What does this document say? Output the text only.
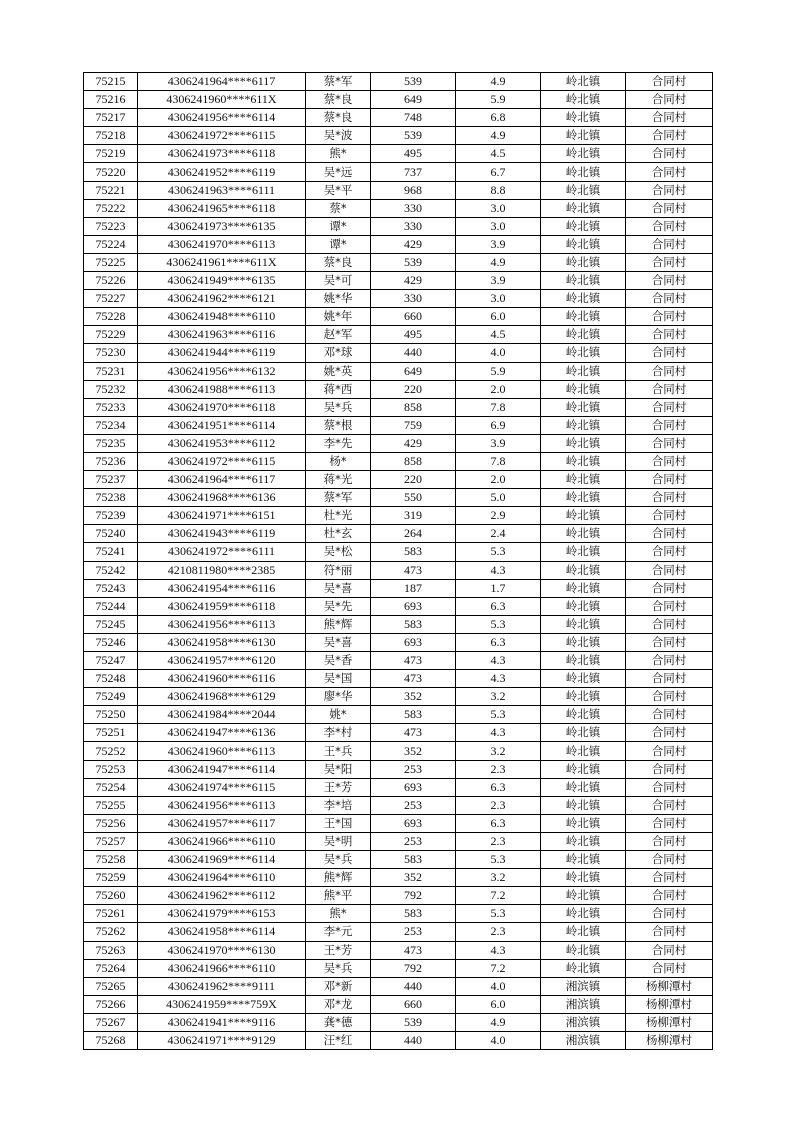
75215	4306241964****6117	蔡*军	539	4.9	岭北镇	合同村
75216	4306241960****611X	蔡*良	649	5.9	岭北镇	合同村
75217	4306241956****6114	蔡*良	748	6.8	岭北镇	合同村
75218	4306241972****6115	吴*波	539	4.9	岭北镇	合同村
75219	4306241973****6118	熊*	495	4.5	岭北镇	合同村
75220	4306241952****6119	吴*远	737	6.7	岭北镇	合同村
75221	4306241963****6111	吴*平	968	8.8	岭北镇	合同村
75222	4306241965****6118	蔡*	330	3.0	岭北镇	合同村
75223	4306241973****6135	谭*	330	3.0	岭北镇	合同村
75224	4306241970****6113	谭*	429	3.9	岭北镇	合同村
75225	4306241961****611X	蔡*良	539	4.9	岭北镇	合同村
75226	4306241949****6135	吴*可	429	3.9	岭北镇	合同村
75227	4306241962****6121	姚*华	330	3.0	岭北镇	合同村
75228	4306241948****6110	姚*年	660	6.0	岭北镇	合同村
75229	4306241963****6116	赵*军	495	4.5	岭北镇	合同村
75230	4306241944****6119	邓*球	440	4.0	岭北镇	合同村
75231	4306241956****6132	姚*英	649	5.9	岭北镇	合同村
75232	4306241988****6113	蒋*西	220	2.0	岭北镇	合同村
75233	4306241970****6118	吴*兵	858	7.8	岭北镇	合同村
75234	4306241951****6114	蔡*根	759	6.9	岭北镇	合同村
75235	4306241953****6112	李*先	429	3.9	岭北镇	合同村
75236	4306241972****6115	杨*	858	7.8	岭北镇	合同村
75237	4306241964****6117	蒋*光	220	2.0	岭北镇	合同村
75238	4306241968****6136	蔡*军	550	5.0	岭北镇	合同村
75239	4306241971****6151	杜*光	319	2.9	岭北镇	合同村
75240	4306241943****6119	杜*玄	264	2.4	岭北镇	合同村
75241	4306241972****6111	吴*松	583	5.3	岭北镇	合同村
75242	4210811980****2385	符*丽	473	4.3	岭北镇	合同村
75243	4306241954****6116	吴*喜	187	1.7	岭北镇	合同村
75244	4306241959****6118	吴*先	693	6.3	岭北镇	合同村
75245	4306241956****6113	熊*辉	583	5.3	岭北镇	合同村
75246	4306241958****6130	吴*喜	693	6.3	岭北镇	合同村
75247	4306241957****6120	吴*香	473	4.3	岭北镇	合同村
75248	4306241960****6116	吴*国	473	4.3	岭北镇	合同村
75249	4306241968****6129	廖*华	352	3.2	岭北镇	合同村
75250	4306241984****2044	姚*	583	5.3	岭北镇	合同村
75251	4306241947****6136	李*村	473	4.3	岭北镇	合同村
75252	4306241960****6113	王*兵	352	3.2	岭北镇	合同村
75253	4306241947****6114	吴*阳	253	2.3	岭北镇	合同村
75254	4306241974****6115	王*芳	693	6.3	岭北镇	合同村
75255	4306241956****6113	李*培	253	2.3	岭北镇	合同村
75256	4306241957****6117	王*国	693	6.3	岭北镇	合同村
75257	4306241966****6110	吴*明	253	2.3	岭北镇	合同村
75258	4306241969****6114	吴*兵	583	5.3	岭北镇	合同村
75259	4306241964****6110	熊*辉	352	3.2	岭北镇	合同村
75260	4306241962****6112	熊*平	792	7.2	岭北镇	合同村
75261	4306241979****6153	熊*	583	5.3	岭北镇	合同村
75262	4306241958****6114	李*元	253	2.3	岭北镇	合同村
75263	4306241970****6130	王*芳	473	4.3	岭北镇	合同村
75264	4306241966****6110	吴*兵	792	7.2	岭北镇	合同村
75265	4306241962****9111	邓*新	440	4.0	湘滨镇	杨柳潭村
75266	4306241959****759X	邓*龙	660	6.0	湘滨镇	杨柳潭村
75267	4306241941****9116	龚*德	539	4.9	湘滨镇	杨柳潭村
75268	4306241971****9129	汪*红	440	4.0	湘滨镇	杨柳潭村
